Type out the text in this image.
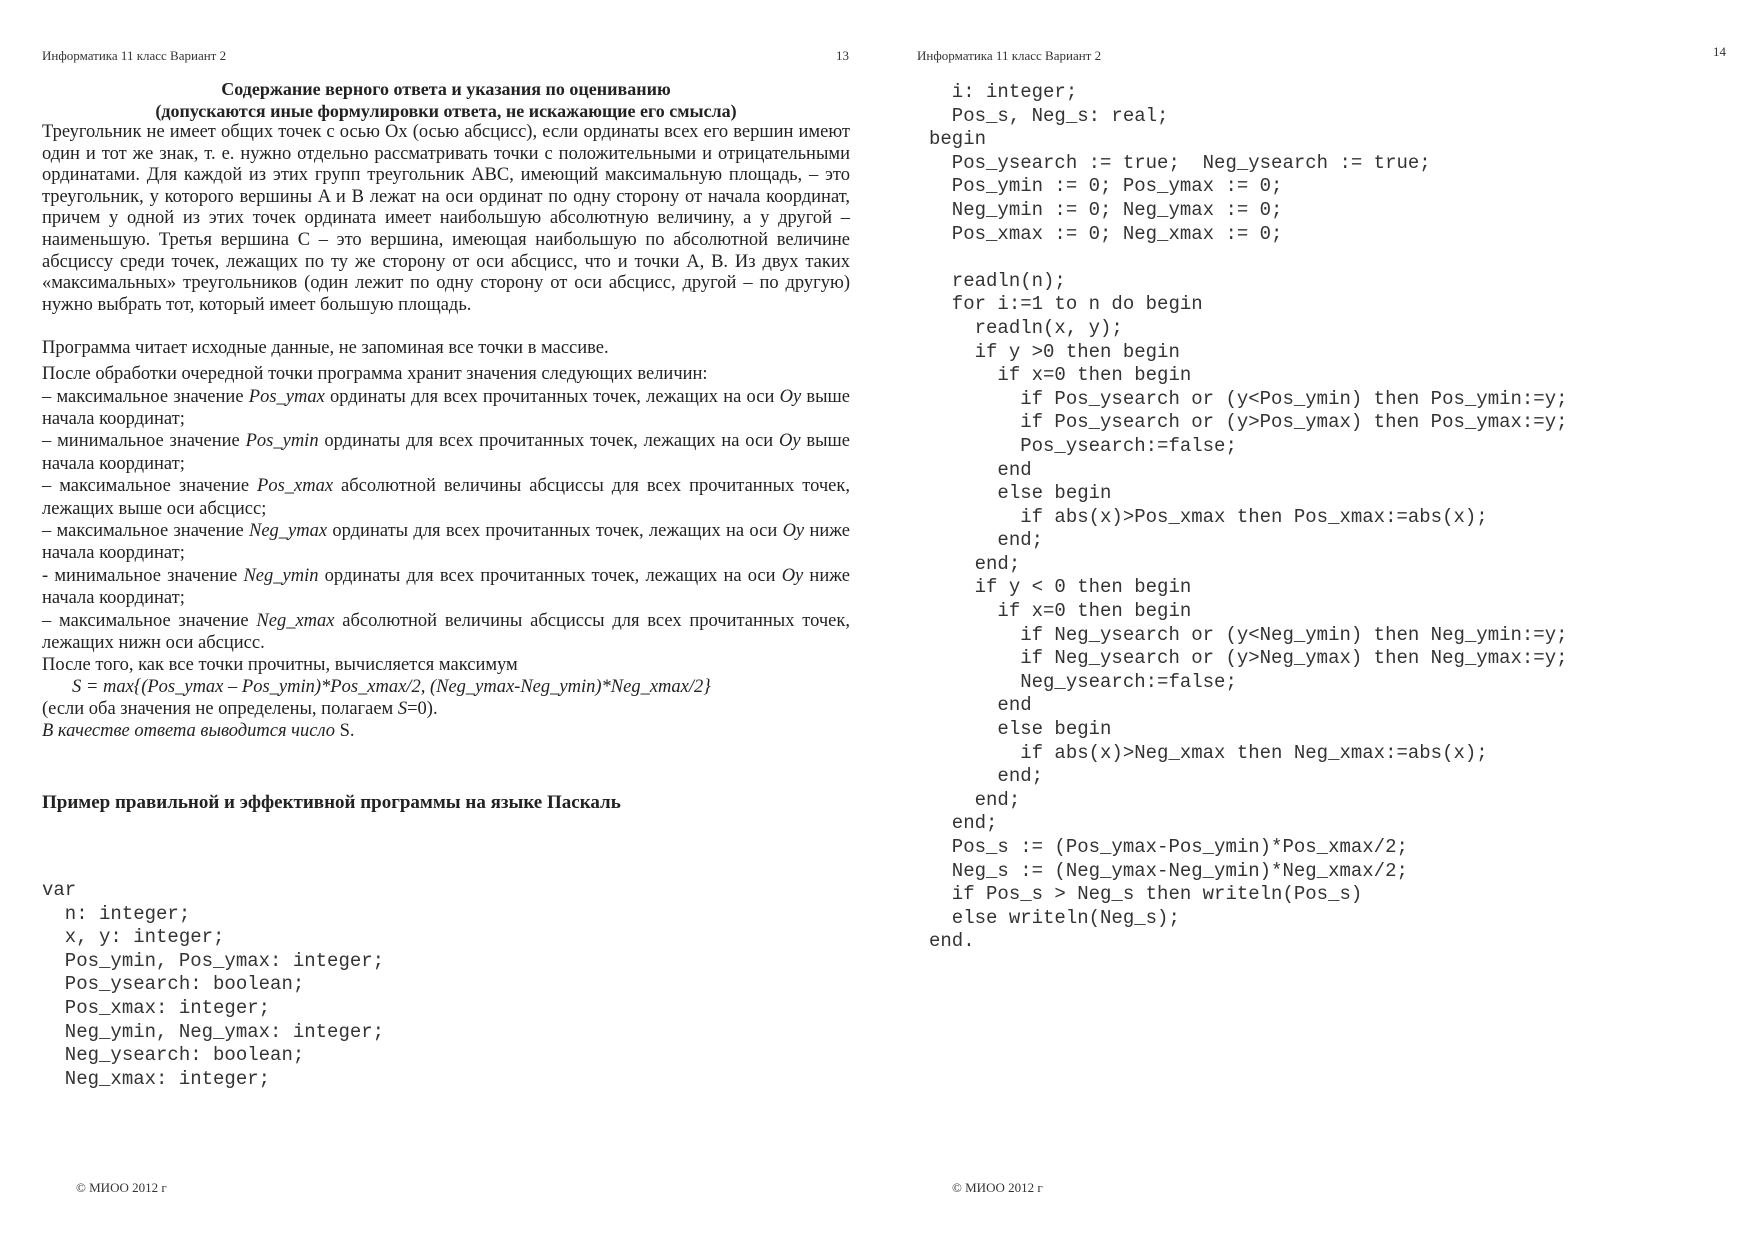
Информатика 11 класс Вариант 2	13
Содержание верного ответа и указания по оцениванию
(допускаются иные формулировки ответа, не искажающие его смысла)

Треугольник не имеет общих точек с осью Ox (осью абсцисс), если ординаты всех его вершин имеют один и тот же знак, т. е. нужно отдельно рассматривать точки с положительными и отрицательными ординатами. Для каждой из этих групп треугольник ABC, имеющий максимальную площадь, – это треугольник, у которого вершины A и B лежат на оси ординат по одну сторону от начала координат, причем у одной из этих точек ордината имеет наибольшую абсолютную величину, а у другой – наименьшую. Третья вершина C – это вершина, имеющая наибольшую по абсолютной величине абсциссу среди точек, лежащих по ту же сторону от оси абсцисс, что и точки A, B. Из двух таких «максимальных» треугольников (один лежит по одну сторону от оси абсцисс, другой – по другую) нужно выбрать тот, который имеет большую площадь.

Программа читает исходные данные, не запоминая все точки в массиве.

После обработки очередной точки программа хранит значения следующих величин:

– максимальное значение Pos_ymax ординаты для всех прочитанных точек, лежащих на оси Oy выше начала координат;
– минимальное значение Pos_ymin ординаты для всех прочитанных точек, лежащих на оси Oy выше начала координат;
– максимальное значение Pos_xmax абсолютной величины абсциссы для всех прочитанных точек, лежащих выше оси абсцисс;
– максимальное значение Neg_ymax ординаты для всех прочитанных точек, лежащих на оси Oy ниже начала координат;
- минимальное значение Neg_ymin ординаты для всех прочитанных точек, лежащих на оси Oy ниже начала координат;
– максимальное значение Neg_xmax абсолютной величины абсциссы для всех прочитанных точек, лежащих нижн оси абсцисс.

После того, как все точки прочитны, вычисляется максимум

S = max{(Pos_ymax – Pos_ymin)*Pos_xmax/2, (Neg_ymax-Neg_ymin)*Neg_xmax/2}

(если оба значения не определены, полагаем S=0).

В качестве ответа выводится число S.

Пример правильной и эффективной программы на языке Паскаль

var
n: integer;
x, y: integer;
Pos_ymin, Pos_ymax: integer;
Pos_ysearch: boolean;
Pos_xmax: integer;
Neg_ymin, Neg_ymax: integer;
Neg_ysearch: boolean;
Neg_xmax: integer;
© МИОО 2012 г
Информатика 11 класс Вариант 2	14
i: integer;
Pos_s, Neg_s: real;
begin
Pos_ysearch := true;  Neg_ysearch := true;
Pos_ymin := 0; Pos_ymax := 0;
Neg_ymin := 0; Neg_ymax := 0;
Pos_xmax := 0; Neg_xmax := 0;

readln(n);
for i:=1 to n do begin
readln(x, y);
if y >0 then begin
if x=0 then begin
if Pos_ysearch or (y<Pos_ymin) then Pos_ymin:=y;
if Pos_ysearch or (y>Pos_ymax) then Pos_ymax:=y;
Pos_ysearch:=false;
end
else begin
if abs(x)>Pos_xmax then Pos_xmax:=abs(x);
end;
end;
if y < 0 then begin
if x=0 then begin
if Neg_ysearch or (y<Neg_ymin) then Neg_ymin:=y;
if Neg_ysearch or (y>Neg_ymax) then Neg_ymax:=y;
Neg_ysearch:=false;
end
else begin
if abs(x)>Neg_xmax then Neg_xmax:=abs(x);
end;
end;
end;
Pos_s := (Pos_ymax-Pos_ymin)*Pos_xmax/2;
Neg_s := (Neg_ymax-Neg_ymin)*Neg_xmax/2;
if Pos_s > Neg_s then writeln(Pos_s)
else writeln(Neg_s);
end.
© МИОО 2012 г
